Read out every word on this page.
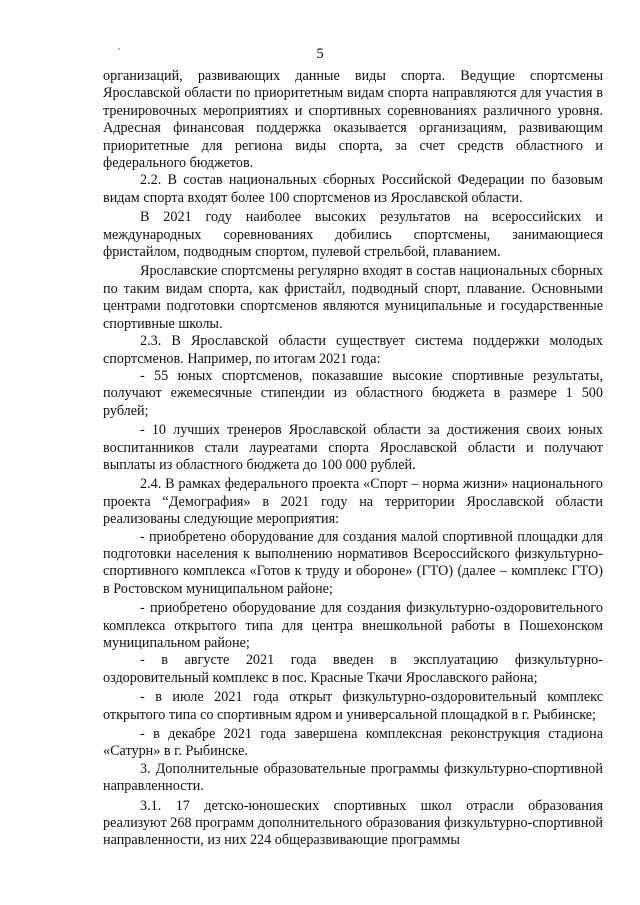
5

организаций, развивающих данные виды спорта. Ведущие спортсмены Ярославской области по приоритетным видам спорта направляются для участия в тренировочных мероприятиях и спортивных соревнованиях различного уровня. Адресная финансовая поддержка оказывается организациям, развивающим приоритетные для региона виды спорта, за счет средств областного и федерального бюджетов.

2.2. В состав национальных сборных Российской Федерации по базовым видам спорта входят более 100 спортсменов из Ярославской области.

В 2021 году наиболее высоких результатов на всероссийских и международных соревнованиях добились спортсмены, занимающиеся фристайлом, подводным спортом, пулевой стрельбой, плаванием.

Ярославские спортсмены регулярно входят в состав национальных сборных по таким видам спорта, как фристайл, подводный спорт, плавание. Основными центрами подготовки спортсменов являются муниципальные и государственные спортивные школы.

2.3. В Ярославской области существует система поддержки молодых спортсменов. Например, по итогам 2021 года:

- 55 юных спортсменов, показавшие высокие спортивные результаты, получают ежемесячные стипендии из областного бюджета в размере 1 500 рублей;

- 10 лучших тренеров Ярославской области за достижения своих юных воспитанников стали лауреатами спорта Ярославской области и получают выплаты из областного бюджета до 100 000 рублей.

2.4. В рамках федерального проекта «Спорт – норма жизни» национального проекта “Демография» в 2021 году на территории Ярославской области реализованы следующие мероприятия:

- приобретено оборудование для создания малой спортивной площадки для подготовки населения к выполнению нормативов Всероссийского физкультурно-спортивного комплекса «Готов к труду и обороне» (ГТО) (далее – комплекс ГТО) в Ростовском муниципальном районе;

- приобретено оборудование для создания физкультурно-оздоровительного комплекса открытого типа для центра внешкольной работы в Пошехонском муниципальном районе;

- в августе 2021 года введен в эксплуатацию физкультурно-оздоровительный комплекс в пос. Красные Ткачи Ярославского района;

- в июле 2021 года открыт физкультурно-оздоровительный комплекс открытого типа со спортивным ядром и универсальной площадкой в г. Рыбинске;

- в декабре 2021 года завершена комплексная реконструкция стадиона «Сатурн» в г. Рыбинске.

3. Дополнительные образовательные программы физкультурно-спортивной направленности.

3.1. 17 детско-юношеских спортивных школ отрасли образования реализуют 268 программ дополнительного образования физкультурно-спортивной направленности, из них 224 общеразвивающие программы
